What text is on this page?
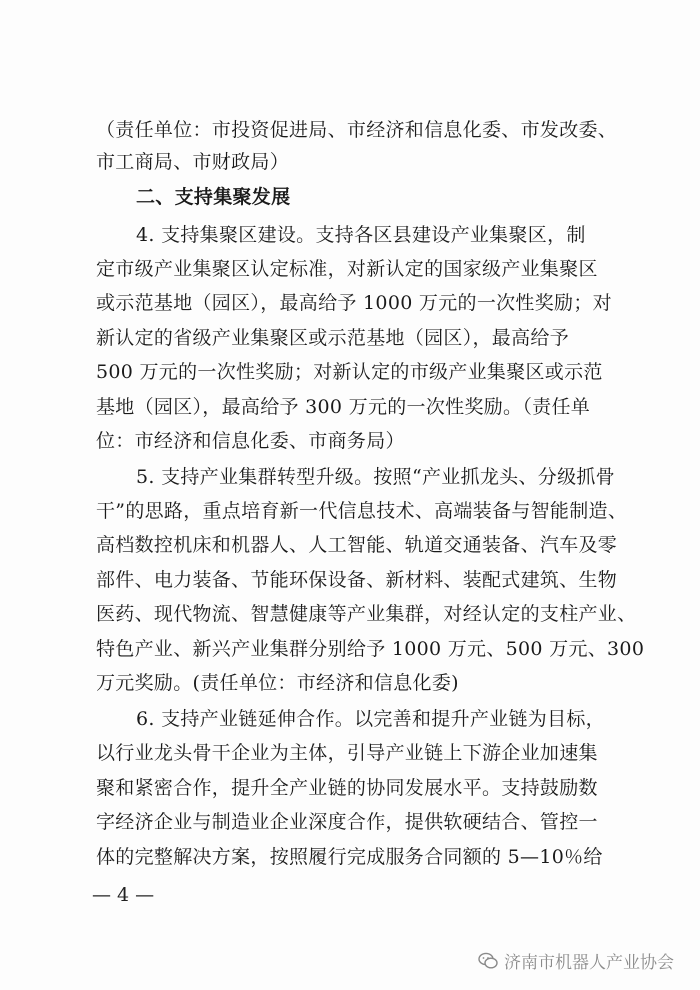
（责任单位：市投资促进局、市经济和信息化委、市发改委、
市工商局、市财政局）
二、支持集聚发展
4. 支持集聚区建设。支持各区县建设产业集聚区，制
定市级产业集聚区认定标准，对新认定的国家级产业集聚区
或示范基地（园区），最高给予 1000 万元的一次性奖励；对
新认定的省级产业集聚区或示范基地（园区），最高给予
500 万元的一次性奖励；对新认定的市级产业集聚区或示范
基地（园区），最高给予 300 万元的一次性奖励。（责任单
位：市经济和信息化委、市商务局）
5. 支持产业集群转型升级。按照“产业抓龙头、分级抓骨
干”的思路，重点培育新一代信息技术、高端装备与智能制造、
高档数控机床和机器人、人工智能、轨道交通装备、汽车及零
部件、电力装备、节能环保设备、新材料、装配式建筑、生物
医药、现代物流、智慧健康等产业集群，对经认定的支柱产业、
特色产业、新兴产业集群分别给予 1000 万元、500 万元、300
万元奖励。(责任单位：市经济和信息化委)
6. 支持产业链延伸合作。以完善和提升产业链为目标，
以行业龙头骨干企业为主体，引导产业链上下游企业加速集
聚和紧密合作，提升全产业链的协同发展水平。支持鼓励数
字经济企业与制造业企业深度合作，提供软硬结合、管控一
体的完整解决方案，按照履行完成服务合同额的 5—10％给
— 4 —
济南市机器人产业协会
